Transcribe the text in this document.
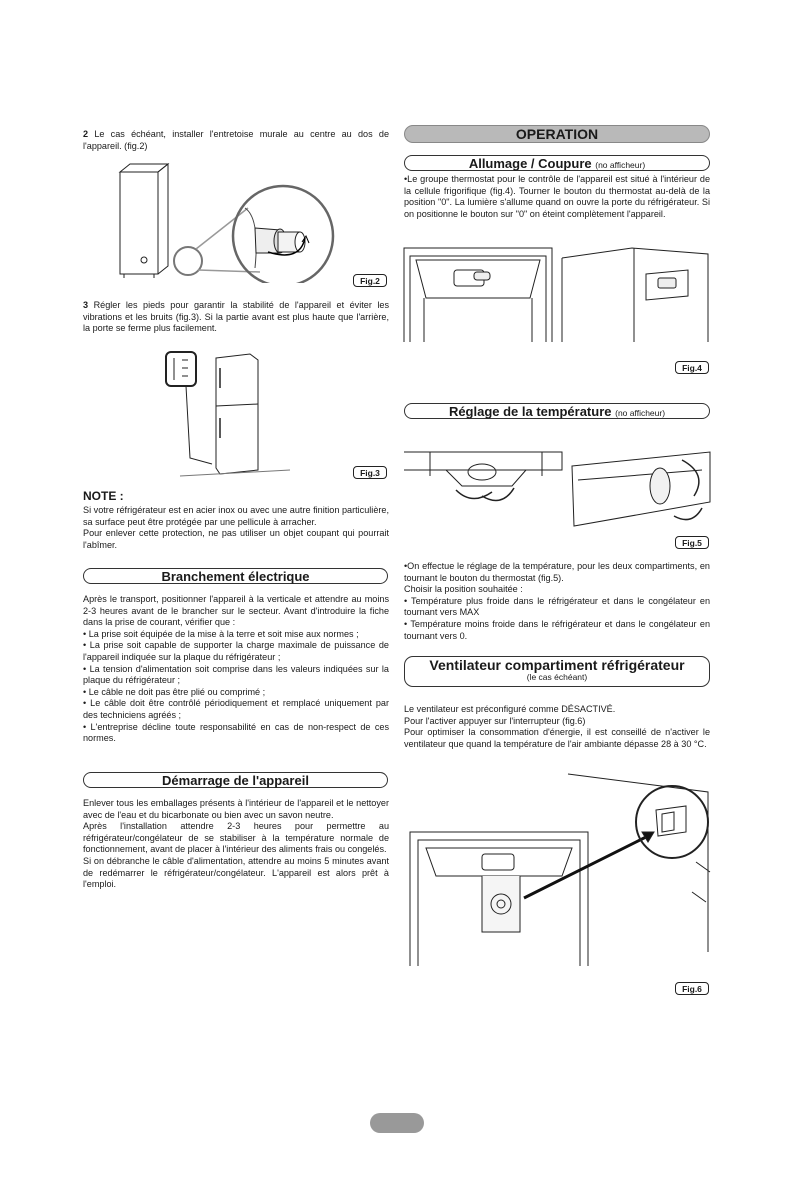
2 Le cas échéant, installer l'entretoise murale au centre au dos de l'appareil. (fig.2)
Fig.2
3 Régler les pieds pour garantir la stabilité de l'appareil et éviter les vibrations et les bruits (fig.3). Si la partie avant est plus haute que l'arrière, la porte se ferme plus facilement.
Fig.3
NOTE :

Si votre réfrigérateur est en acier inox ou avec une autre finition particulière, sa surface peut être protégée par une pellicule à arracher.

Pour enlever cette protection, ne pas utiliser un objet coupant qui pourrait l'abîmer.

Branchement électrique

Après le transport, positionner l'appareil à la verticale et attendre au moins 2-3 heures avant de le brancher sur le secteur. Avant d'introduire la fiche dans la prise de courant, vérifier que :

• La prise soit équipée de la mise à la terre et soit mise aux normes ;

• La prise soit capable de supporter la charge maximale de puissance de l'appareil indiquée sur la plaque du réfrigérateur ;

• La tension d'alimentation soit comprise dans les valeurs indiquées sur la plaque du réfrigérateur ;

• Le câble ne doit pas être plié ou comprimé ;

• Le câble doit être contrôlé périodiquement et remplacé uniquement par des techniciens agréés ;

• L'entreprise décline toute responsabilité en cas de non-respect de ces normes.

Démarrage de l'appareil

Enlever tous les emballages présents à l'intérieur de l'appareil et le nettoyer avec de l'eau et du bicarbonate ou bien avec un savon neutre.

Après l'installation attendre 2-3 heures pour permettre au réfrigérateur/congélateur de se stabiliser à la température normale de fonctionnement, avant de placer à l'intérieur des aliments frais ou congelés.

Si on débranche le câble d'alimentation, attendre au moins 5 minutes avant de redémarrer le réfrigérateur/congélateur. L'appareil est alors prêt à l'emploi.

OPERATION
Allumage / Coupure (no afficheur)

•Le groupe thermostat pour le contrôle de l'appareil est situé à l'intérieur de la cellule frigorifique (fig.4). Tourner le bouton du thermostat au-delà de la position "0". La lumière s'allume quand on ouvre la porte du réfrigérateur. Si on positionne le bouton sur "0" on éteint complètement l'appareil.

Fig.4
Réglage de la température (no afficheur)
Fig.5

•On effectue le réglage de la température, pour les deux compartiments, en tournant le bouton du thermostat (fig.5).

Choisir la position souhaitée :

• Température plus froide dans le réfrigérateur et dans le congélateur en tournant vers MAX

• Température moins froide dans le réfrigérateur et dans le congélateur en tournant vers 0.

Ventilateur compartiment réfrigérateur
(le cas échéant)

Le ventilateur est préconfiguré comme DÉSACTIVÉ.

Pour l'activer appuyer sur l'interrupteur (fig.6)

Pour optimiser la consommation d'énergie, il est conseillé de n'activer le ventilateur que quand la température de l'air ambiante dépasse 28 à 30 °C.

Fig.6
